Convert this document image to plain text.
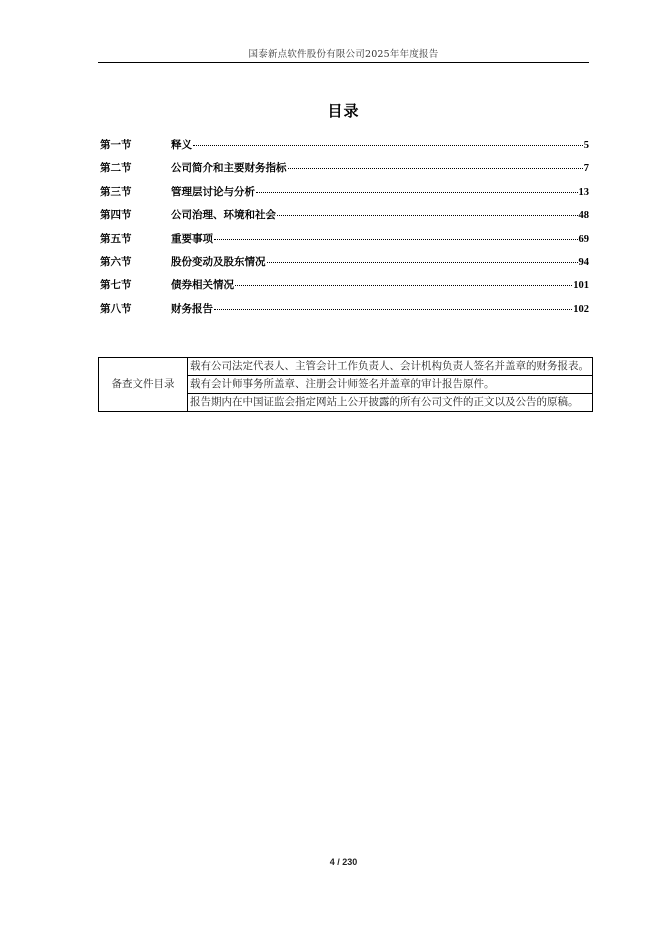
国泰新点软件股份有限公司2025年年度报告
目录
第一节	释义	5
第二节	公司简介和主要财务指标	7
第三节	管理层讨论与分析	13
第四节	公司治理、环境和社会	48
第五节	重要事项	69
第六节	股份变动及股东情况	94
第七节	债券相关情况	101
第八节	财务报告	102
备查文件目录	载有公司法定代表人、主管会计工作负责人、会计机构负责人签名并盖章的财务报表。
载有会计师事务所盖章、注册会计师签名并盖章的审计报告原件。
报告期内在中国证监会指定网站上公开披露的所有公司文件的正文以及公告的原稿。
4 / 230
